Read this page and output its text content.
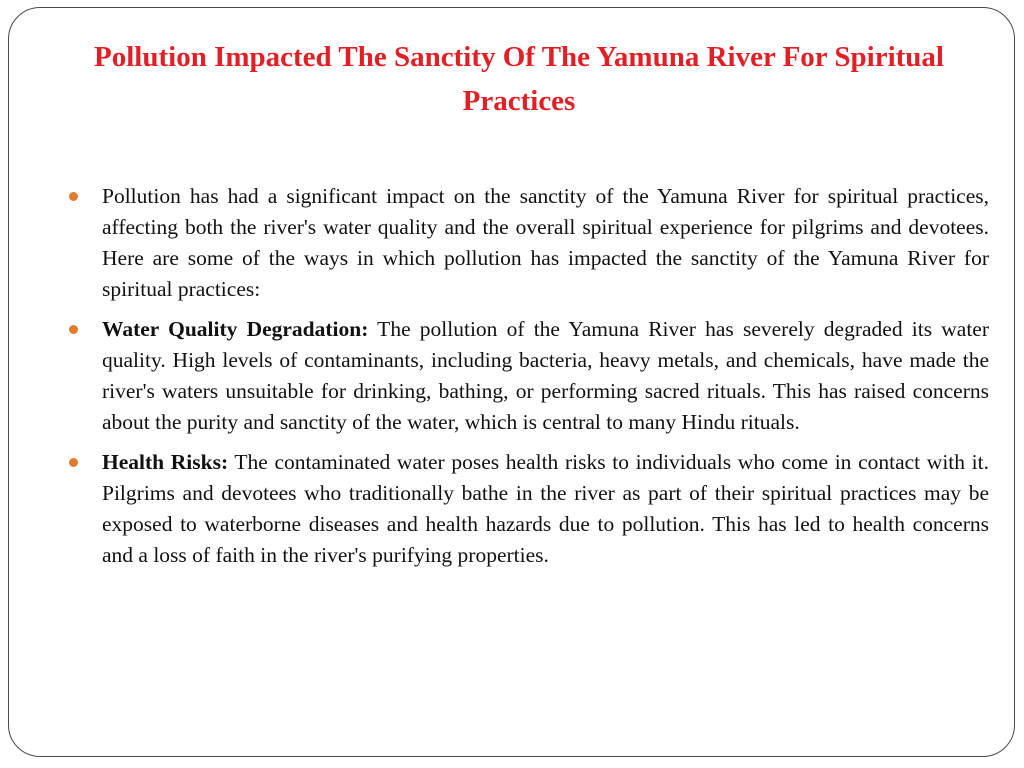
Pollution Impacted The Sanctity Of The Yamuna River For Spiritual Practices
Pollution has had a significant impact on the sanctity of the Yamuna River for spiritual practices, affecting both the river's water quality and the overall spiritual experience for pilgrims and devotees. Here are some of the ways in which pollution has impacted the sanctity of the Yamuna River for spiritual practices:
Water Quality Degradation: The pollution of the Yamuna River has severely degraded its water quality. High levels of contaminants, including bacteria, heavy metals, and chemicals, have made the river's waters unsuitable for drinking, bathing, or performing sacred rituals. This has raised concerns about the purity and sanctity of the water, which is central to many Hindu rituals.
Health Risks: The contaminated water poses health risks to individuals who come in contact with it. Pilgrims and devotees who traditionally bathe in the river as part of their spiritual practices may be exposed to waterborne diseases and health hazards due to pollution. This has led to health concerns and a loss of faith in the river's purifying properties.
